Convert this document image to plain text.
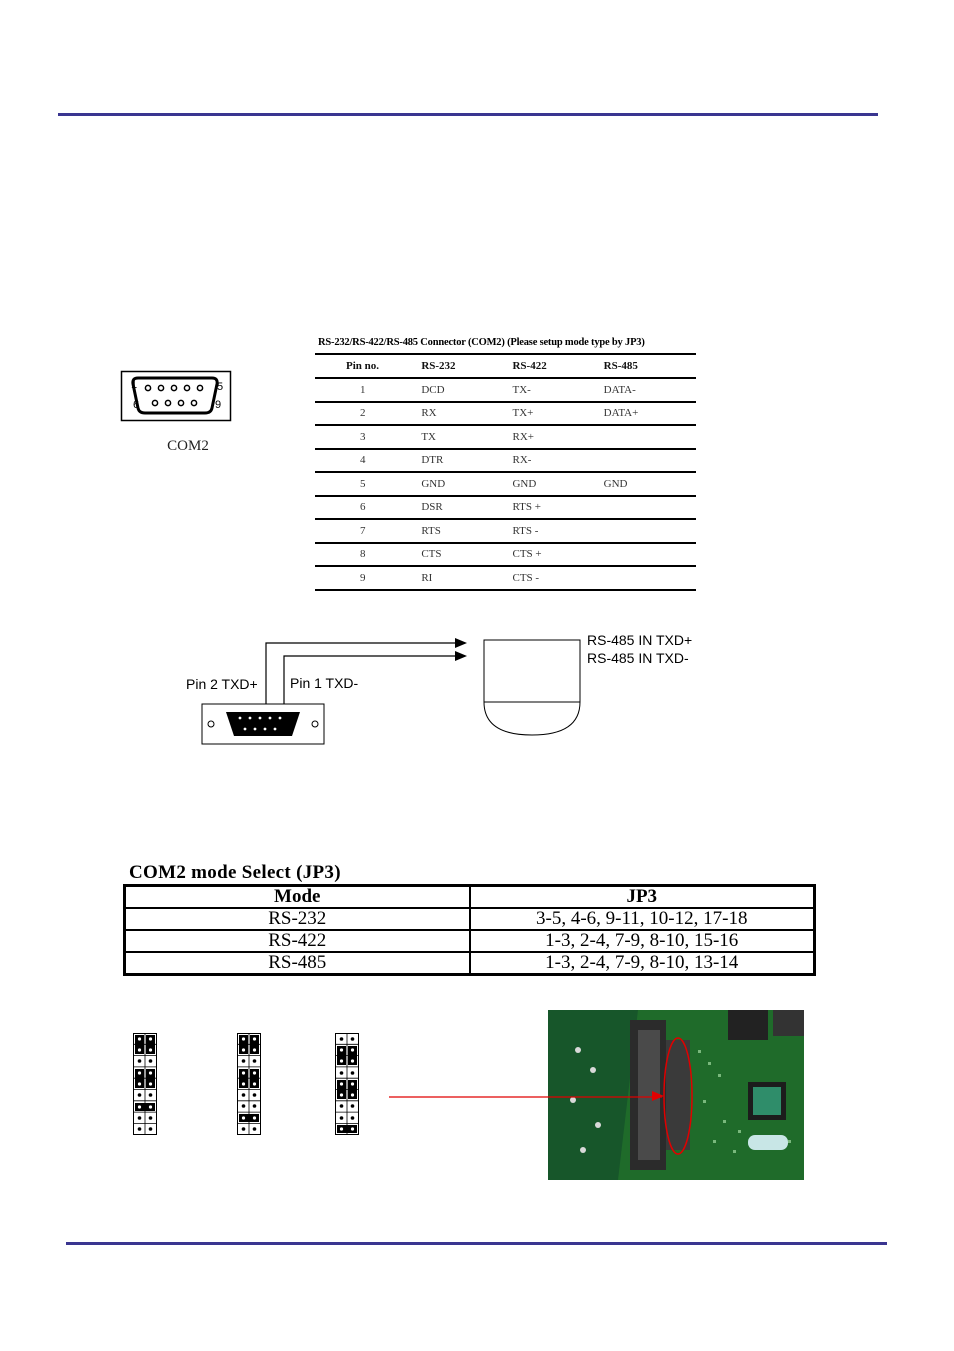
1	5
6	9
COM2
RS-232/RS-422/RS-485 Connector (COM2) (Please setup mode type by JP3)
Pin no.	RS-232	RS-422	RS-485
1	DCD	TX-	DATA-
2	RX	TX+	DATA+
3	TX	RX+	
4	DTR	RX-	
5	GND	GND	GND
6	DSR	RTS +	
7	RTS	RTS -	
8	CTS	CTS +	
9	RI	CTS -	
Pin 2 TXD+ Pin 1 TXD-
RS-485 IN TXD+
RS-485 IN TXD-
COM2 mode Select (JP3)
Mode	JP3
RS-232	3-5, 4-6, 9-11, 10-12, 17-18
RS-422	1-3, 2-4, 7-9, 8-10, 15-16
RS-485	1-3, 2-4, 7-9, 8-10, 13-14
